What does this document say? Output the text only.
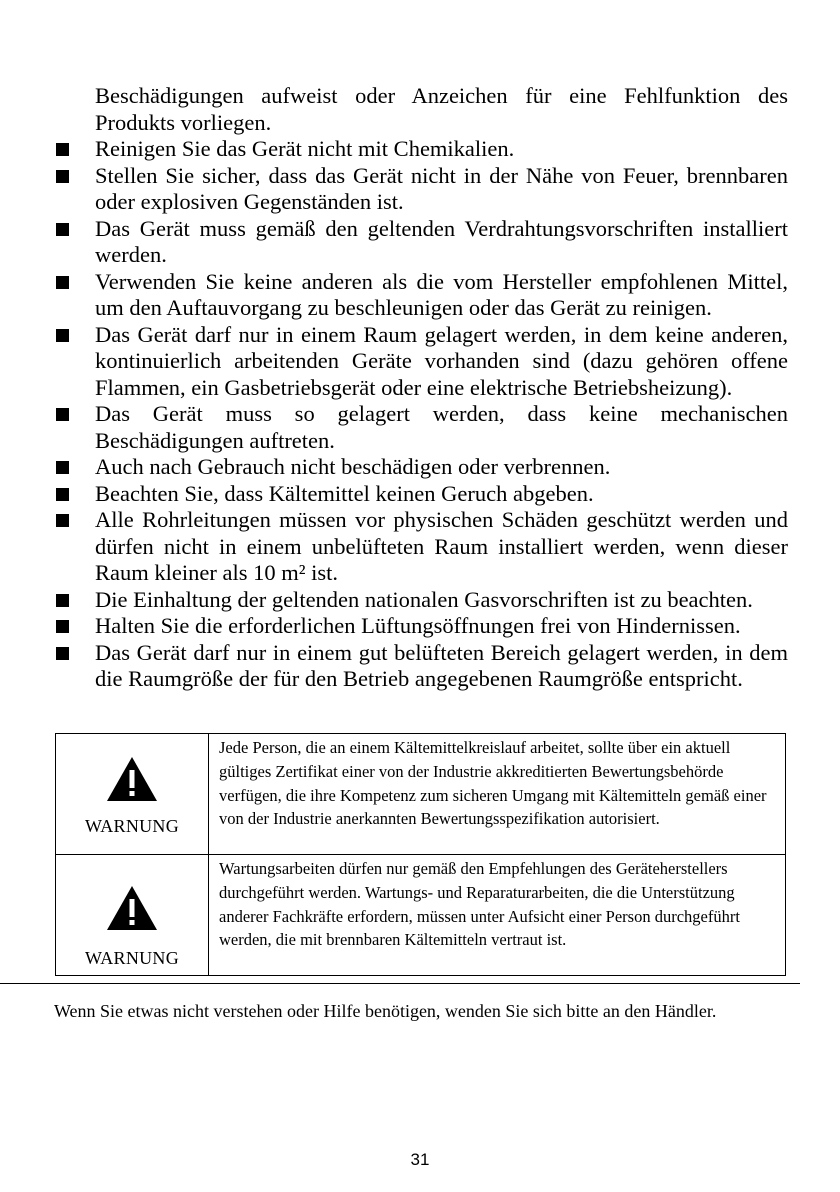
Beschädigungen aufweist oder Anzeichen für eine Fehlfunktion des Produkts vorliegen.
Reinigen Sie das Gerät nicht mit Chemikalien.
Stellen Sie sicher, dass das Gerät nicht in der Nähe von Feuer, brennbaren oder explosiven Gegenständen ist.
Das Gerät muss gemäß den geltenden Verdrahtungsvorschriften installiert werden.
Verwenden Sie keine anderen als die vom Hersteller empfohlenen Mittel, um den Auftauvorgang zu beschleunigen oder das Gerät zu reinigen.
Das Gerät darf nur in einem Raum gelagert werden, in dem keine anderen, kontinuierlich arbeitenden Geräte vorhanden sind (dazu gehören offene Flammen, ein Gasbetriebsgerät oder eine elektrische Betriebsheizung).
Das Gerät muss so gelagert werden, dass keine mechanischen Beschädigungen auftreten.
Auch nach Gebrauch nicht beschädigen oder verbrennen.
Beachten Sie, dass Kältemittel keinen Geruch abgeben.
Alle Rohrleitungen müssen vor physischen Schäden geschützt werden und dürfen nicht in einem unbelüfteten Raum installiert werden, wenn dieser Raum kleiner als 10 m² ist.
Die Einhaltung der geltenden nationalen Gasvorschriften ist zu beachten.
Halten Sie die erforderlichen Lüftungsöffnungen frei von Hindernissen.
Das Gerät darf nur in einem gut belüfteten Bereich gelagert werden, in dem die Raumgröße der für den Betrieb angegebenen Raumgröße entspricht.
WARNUNG	Jede Person, die an einem Kältemittelkreislauf arbeitet, sollte über ein aktuell gültiges Zertifikat einer von der Industrie akkreditierten Bewertungsbehörde verfügen, die ihre Kompetenz zum sicheren Umgang mit Kältemitteln gemäß einer von der Industrie anerkannten Bewertungsspezifikation autorisiert.

WARNUNG	Wartungsarbeiten dürfen nur gemäß den Empfehlungen des Geräteherstellers durchgeführt werden. Wartungs- und Reparaturarbeiten, die die Unterstützung anderer Fachkräfte erfordern, müssen unter Aufsicht einer Person durchgeführt werden, die mit brennbaren Kältemitteln vertraut ist.
Wenn Sie etwas nicht verstehen oder Hilfe benötigen, wenden Sie sich bitte an den Händler.
31
